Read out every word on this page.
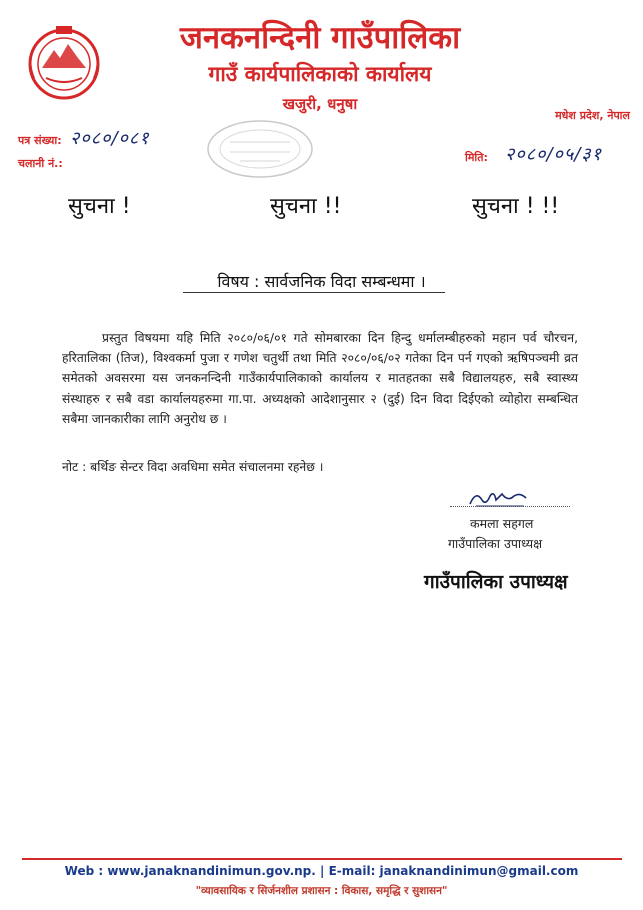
जनकनन्दिनी गाउँपालिका
गाउँ कार्यपालिकाको कार्यालय
खजुरी, धनुषा
मधेश प्रदेश, नेपाल
पत्र संख्या: २०८०/०८१
चलानी नं.:	मिति: २०८०/०५/३१
सुचना !	सुचना !!	सुचना ! !!
विषय : सार्वजनिक विदा सम्बन्धमा ।
प्रस्तुत विषयमा यहि मिति २०८०/०६/०१ गते सोमबारका दिन हिन्दु धर्मालम्बीहरुको महान पर्व चौरचन, हरितालिका (तिज), विश्वकर्मा पुजा र गणेश चतुर्थी तथा मिति २०८०/०६/०२ गतेका दिन पर्न गएको ऋषिपञ्चमी व्रत समेतको अवसरमा यस जनकनन्दिनी गाउँकार्यपालिकाको कार्यालय र मातहतका सबै विद्यालयहरु, सबै स्वास्थ्य संस्थाहरु र सबै वडा कार्यालयहरुमा गा.पा. अध्यक्षको आदेशानुसार २ (दुई) दिन विदा दिईएको व्योहोरा सम्बन्धित सबैमा जानकारीका लागि अनुरोध छ ।
नोट : बर्थिङ सेन्टर विदा अवधिमा समेत संचालनमा रहनेछ ।
कमला सहगल
गाउँपालिका उपाध्यक्ष
गाउँपालिका उपाध्यक्ष
Web : www.janaknandinimun.gov.np. | E-mail: janaknandinimun@gmail.com
"व्यावसायिक र सिर्जनशील प्रशासन : विकास, समृद्धि र सुशासन"
